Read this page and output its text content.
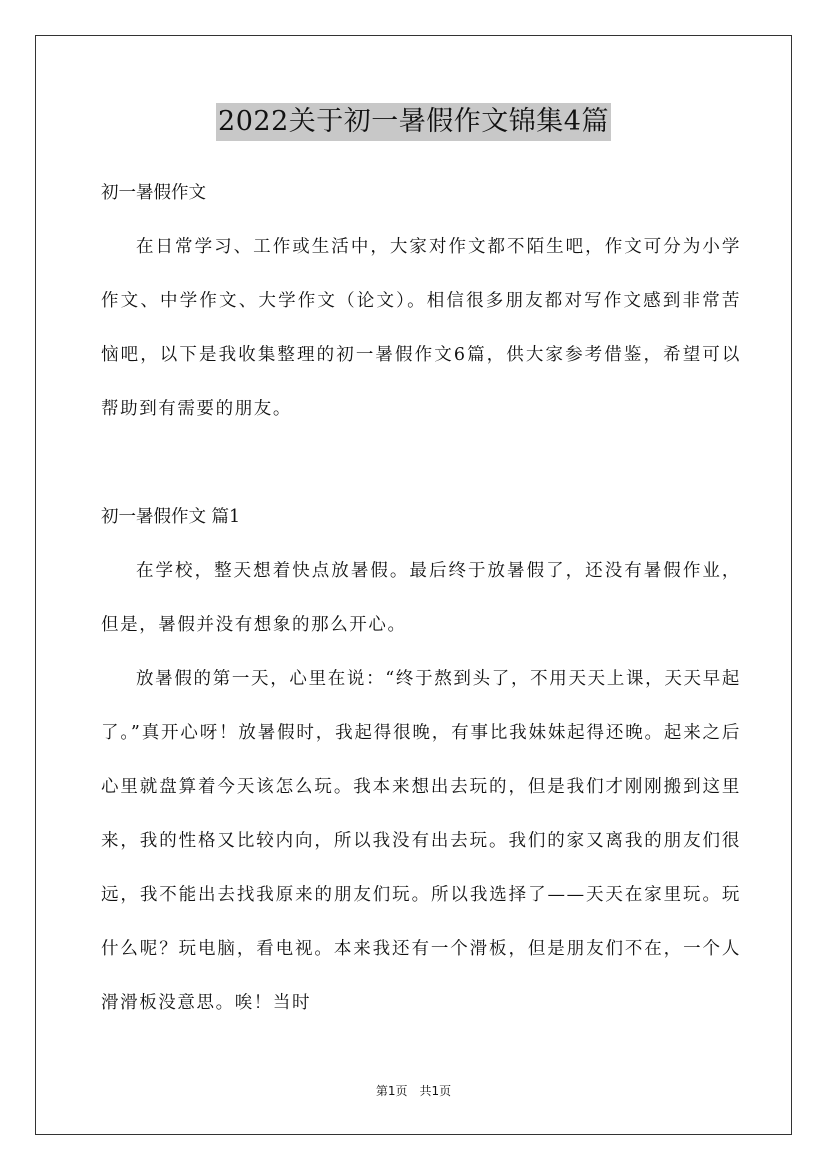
2022关于初一暑假作文锦集4篇

初一暑假作文

在日常学习、工作或生活中，大家对作文都不陌生吧，作文可分为小学作文、中学作文、大学作文（论文）。相信很多朋友都对写作文感到非常苦恼吧，以下是我收集整理的初一暑假作文6篇，供大家参考借鉴，希望可以帮助到有需要的朋友。

初一暑假作文 篇1

在学校，整天想着快点放暑假。最后终于放暑假了，还没有暑假作业，但是，暑假并没有想象的那么开心。

放暑假的第一天，心里在说：“终于熬到头了，不用天天上课，天天早起了。”真开心呀！放暑假时，我起得很晚，有事比我妹妹起得还晚。起来之后心里就盘算着今天该怎么玩。我本来想出去玩的，但是我们才刚刚搬到这里来，我的性格又比较内向，所以我没有出去玩。我们的家又离我的朋友们很远，我不能出去找我原来的朋友们玩。所以我选择了——天天在家里玩。玩什么呢？玩电脑，看电视。本来我还有一个滑板，但是朋友们不在，一个人滑滑板没意思。唉！当时

第1页 共1页
